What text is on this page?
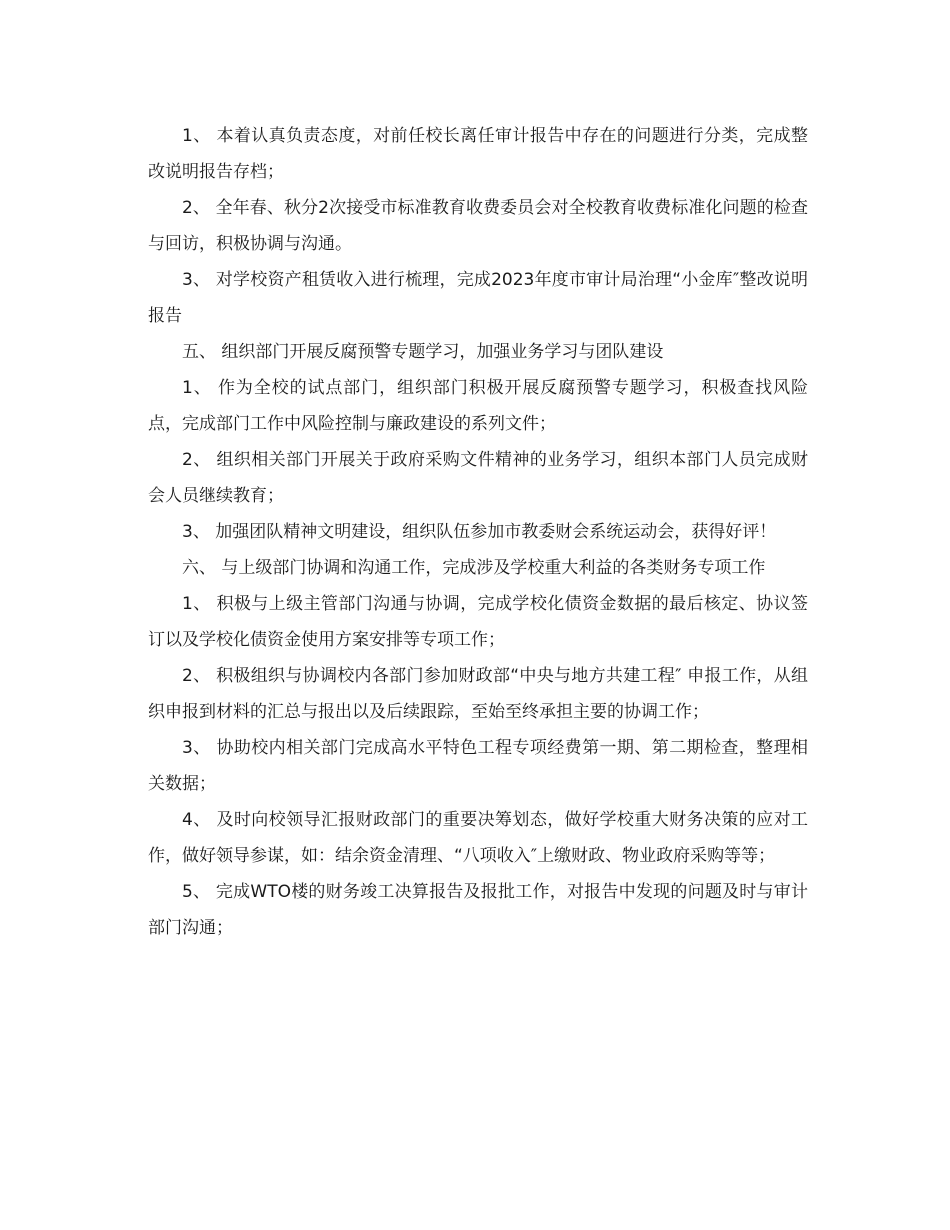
1、 本着认真负责态度，对前任校长离任审计报告中存在的问题进行分类，完成整改说明报告存档；

2、 全年春、秋分2次接受市标准教育收费委员会对全校教育收费标准化问题的检查与回访，积极协调与沟通。

3、 对学校资产租赁收入进行梳理，完成2023年度市审计局治理“小金库″整改说明报告

五、 组织部门开展反腐预警专题学习，加强业务学习与团队建设

1、 作为全校的试点部门，组织部门积极开展反腐预警专题学习，积极查找风险点，完成部门工作中风险控制与廉政建设的系列文件；

2、 组织相关部门开展关于政府采购文件精神的业务学习，组织本部门人员完成财会人员继续教育；

3、 加强团队精神文明建设，组织队伍参加市教委财会系统运动会，获得好评！

六、 与上级部门协调和沟通工作，完成涉及学校重大利益的各类财务专项工作

1、 积极与上级主管部门沟通与协调，完成学校化债资金数据的最后核定、协议签订以及学校化债资金使用方案安排等专项工作；

2、 积极组织与协调校内各部门参加财政部“中央与地方共建工程″ 申报工作，从组织申报到材料的汇总与报出以及后续跟踪，至始至终承担主要的协调工作；

3、 协助校内相关部门完成高水平特色工程专项经费第一期、第二期检查，整理相关数据；

4、 及时向校领导汇报财政部门的重要决筹划态，做好学校重大财务决策的应对工作，做好领导参谋，如：结余资金清理、“八项收入″上缴财政、物业政府采购等等；

5、 完成WTO楼的财务竣工决算报告及报批工作，对报告中发现的问题及时与审计部门沟通；
